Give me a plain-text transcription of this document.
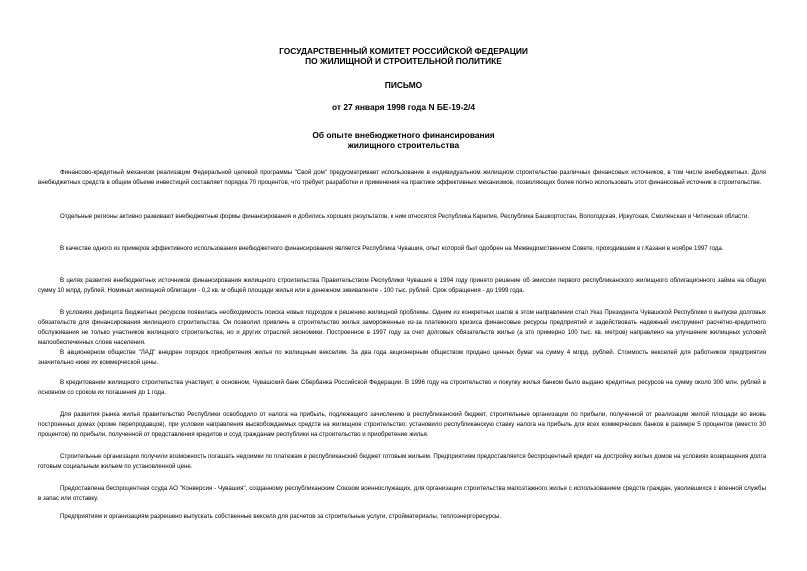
ГОСУДАРСТВЕННЫЙ КОМИТЕТ РОССИЙСКОЙ ФЕДЕРАЦИИ
ПО ЖИЛИЩНОЙ И СТРОИТЕЛЬНОЙ ПОЛИТИКЕ
ПИСЬМО
от 27 января 1998 года N БЕ-19-2/4
Об опыте внебюджетного финансирования
жилищного строительства

Финансово-кредитный механизм реализации Федеральной целевой программы "Свой дом" предусматривает использование в индивидуальном жилищном строительстве различных финансовых источников, в том числе внебюджетных. Доля внебюджетных средств в общем объеме инвестиций составляет порядка 70 процентов, что требует разработки и применения на практике эффективных механизмов, позволяющих более полно использовать этот финансовый источник в строительстве.

Отдельные регионы активно развивают внебюджетные формы финансирования и добились хороших результатов, к ним относятся Республика Карелия, Республика Башкортостан, Вологодская, Иркутская, Смоленская и Читинская области.

В качестве одного из примеров эффективного использования внебюджетного финансирования является Республика Чувашия, опыт которой был одобрен на Межведомственном Совете, проходившем в г.Казани в ноябре 1997 года.

В целях развития внебюджетных источников финансирования жилищного строительства Правительством Республики Чувашия в 1994 году принято решение об эмиссии первого республиканского жилищного облигационного займа на общую сумму 10 млрд. рублей. Номинал жилищной облигации - 0,2 кв. м общей площади жилья или в денежном эквиваленте - 100 тыс. рублей. Срок обращения - до 1999 года.

В условиях дефицита бюджетных ресурсов появилась необходимость поиска новых подходов к решению жилищной проблемы. Одним из конкретных шагов в этом направлении стал Указ Президента Чувашской Республики о выпуске долговых обязательств для финансирования жилищного строительства. Он позволил привлечь в строительство жилья замороженные из-за платежного кризиса финансовые ресурсы предприятий и задействовать надежный инструмент расчетно-кредитного обслуживания не только участников жилищного строительства, но и других отраслей экономики. Построенное в 1997 году за счет долговых обязательств жилье (а это примерно 100 тыс. кв. метров) направлено на улучшение жилищных условий малообеспеченных слоев населения.

В акционерном обществе "ЛАД" внедрен порядок приобретения жилья по жилищным векселям. За два года акционерным обществом продано ценных бумаг на сумму 4 млрд. рублей. Стоимость векселей для работников предприятия значительно ниже их коммерческой цены.

В кредитовании жилищного строительства участвует, в основном, Чувашский банк Сбербанка Российской Федерации. В 1996 году на строительство и покупку жилья банком было выдано кредитных ресурсов на сумму около 300 млн. рублей в основном со сроком их погашения до 1 года.

Для развития рынка жилья правительство Республики освободило от налога на прибыль, подлежащего зачислению в республиканский бюджет, строительные организации по прибыли, полученной от реализации жилой площади во вновь построенных домах (кроме перепродавцов), при условии направления высвобождаемых средств на жилищное строительство; установило республиканскую ставку налога на прибыль для всех коммерческих банков в размере 5 процентов (вместо 30 процентов) по прибыли, полученной от представления кредитов и ссуд гражданам республики на строительство и приобретение жилья.

Строительные организации получили возможность погашать недоимки по платежам в республиканский бюджет готовым жильем. Предприятиям предоставляется беспроцентный кредит на достройку жилых домов на условиях возвращения долга готовым социальным жильем по установленной цене.

Предоставлена беспроцентная ссуда АО "Конверсия - Чувашия", созданному республиканским Союзом военнослужащих, для организации строительства малоэтажного жилья с использованием средств граждан, уволившихся с военной службы в запас или отставку.

Предприятиям и организациям разрешено выпускать собственные векселя для расчетов за строительные услуги, стройматериалы, теплоэнергоресурсы.
